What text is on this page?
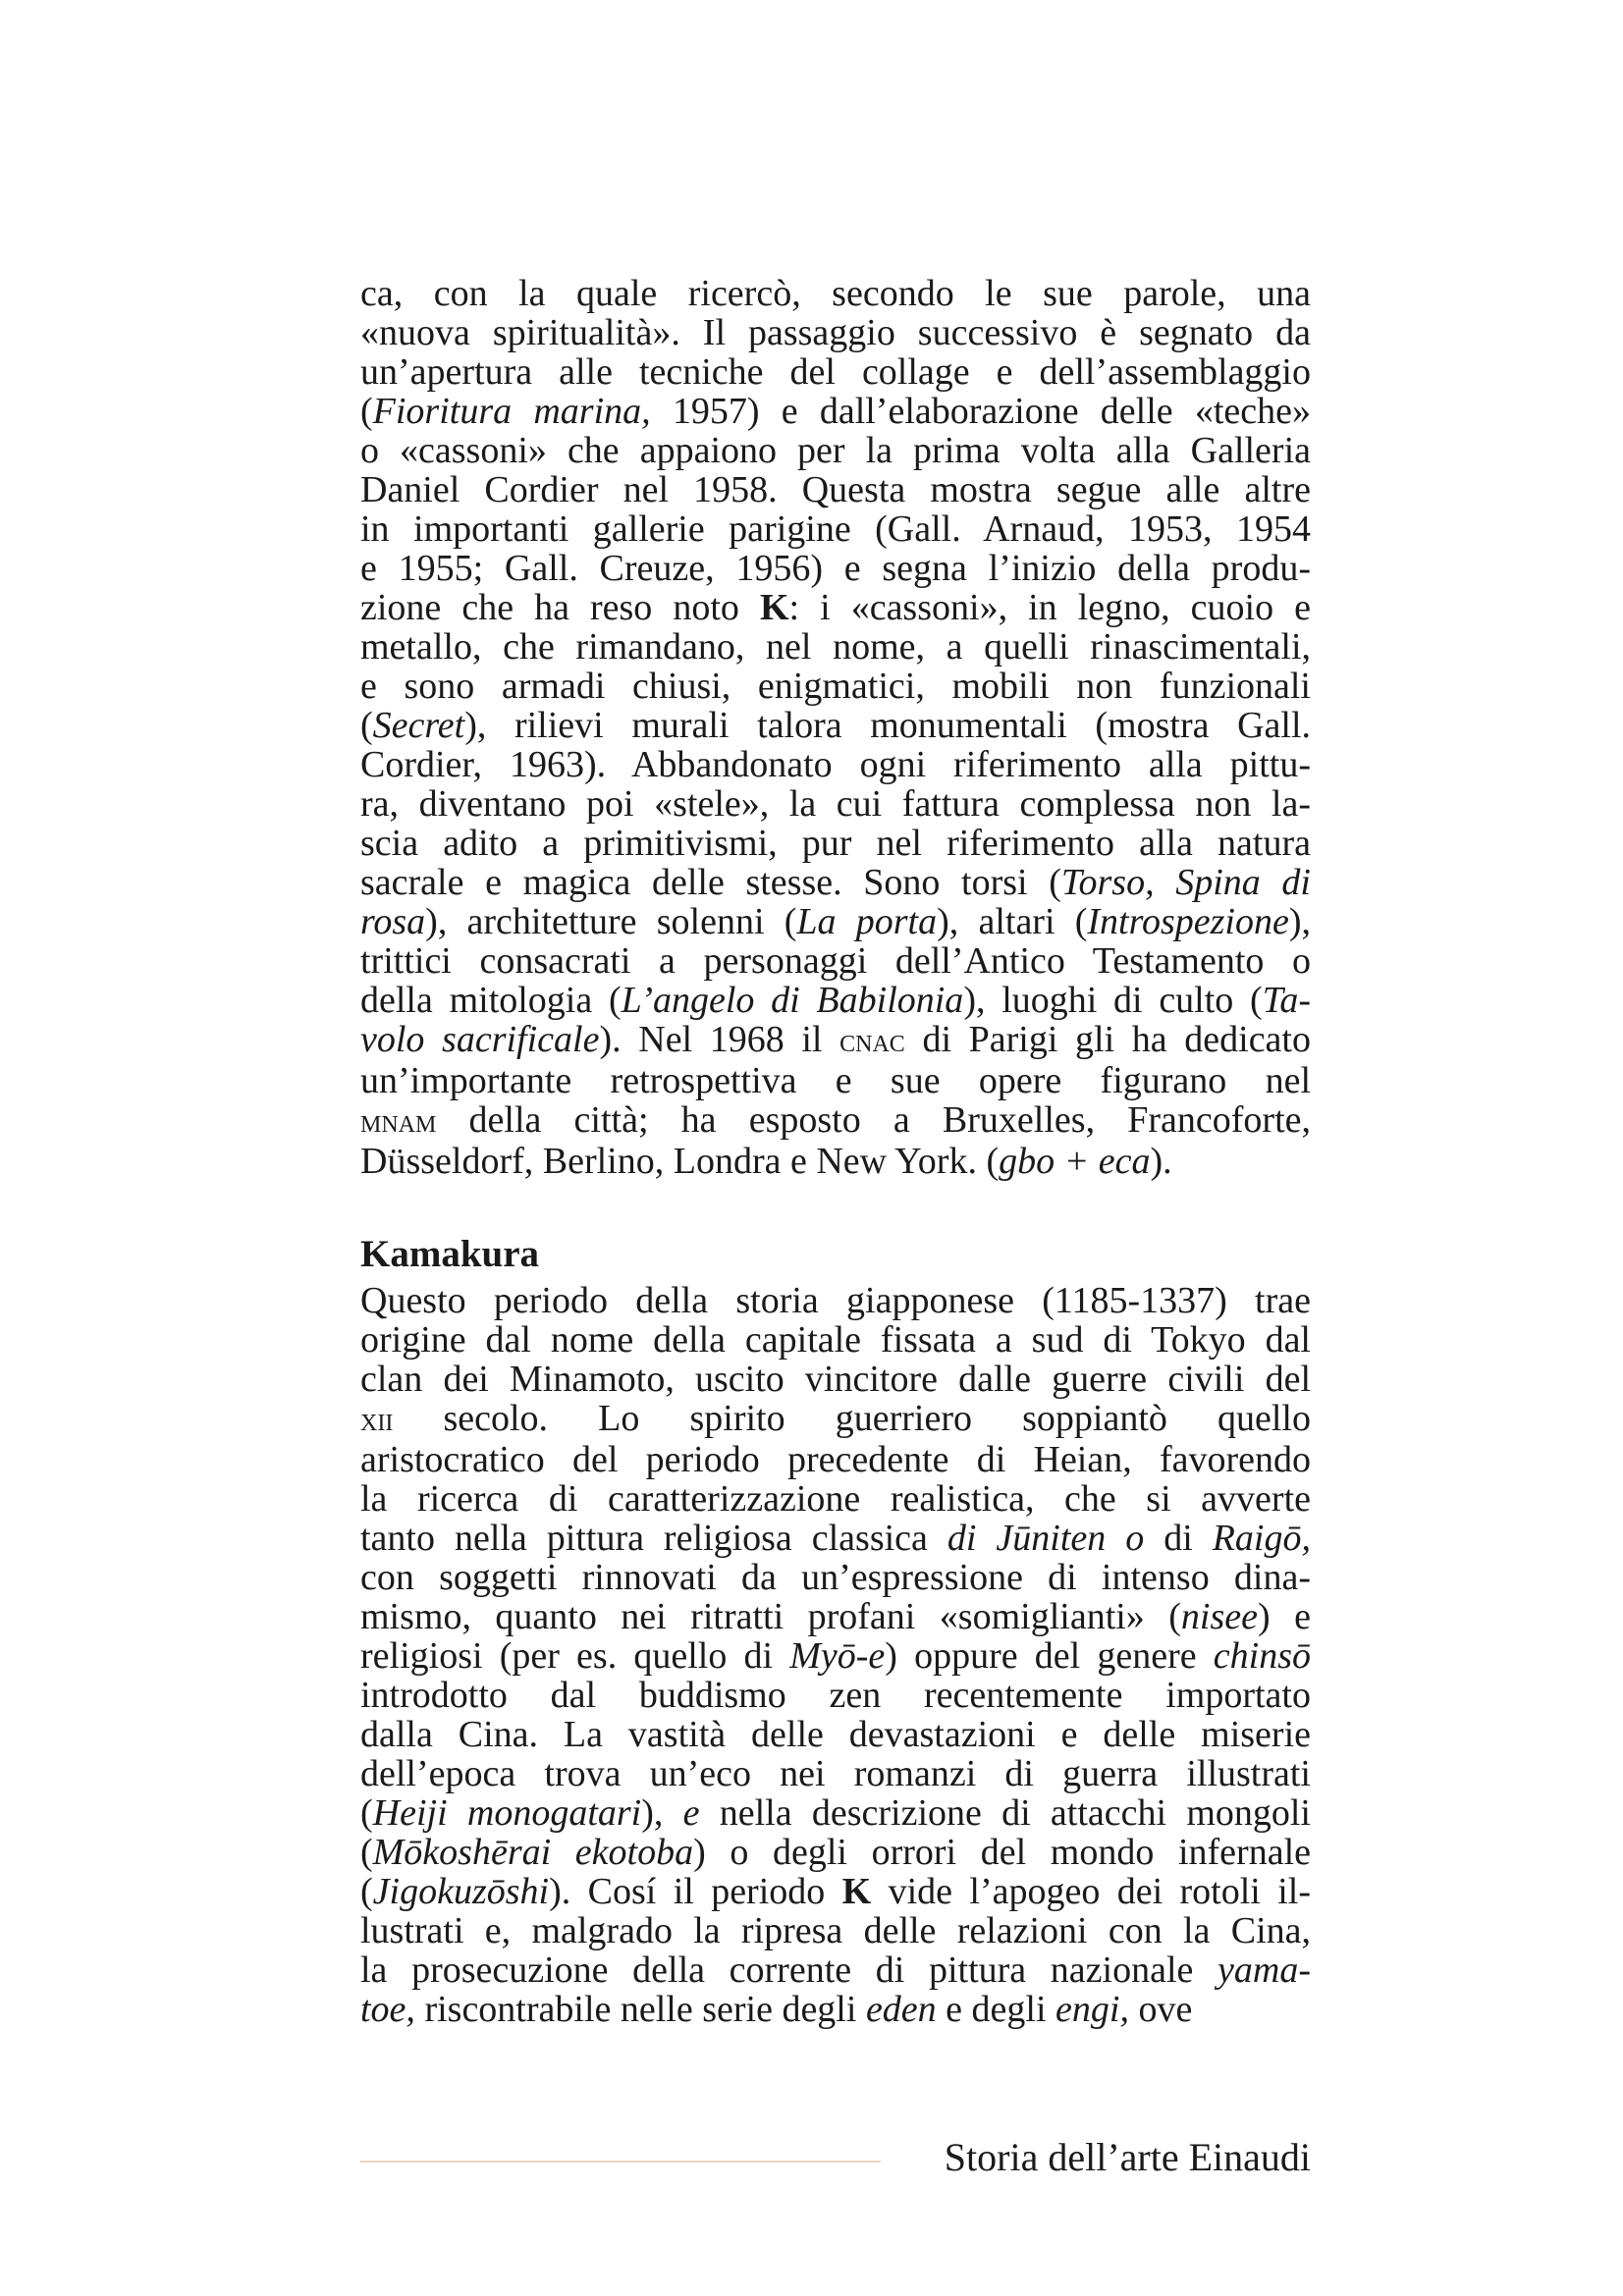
ca, con la quale ricercò, secondo le sue parole, una
«nuova spiritualità». Il passaggio successivo è segnato da
un’apertura alle tecniche del collage e dell’assemblaggio
(Fioritura marina, 1957) e dall’elaborazione delle «teche»
o «cassoni» che appaiono per la prima volta alla Galleria
Daniel Cordier nel 1958. Questa mostra segue alle altre
in importanti gallerie parigine (Gall. Arnaud, 1953, 1954
e 1955; Gall. Creuze, 1956) e segna l’inizio della produ-
zione che ha reso noto K: i «cassoni», in legno, cuoio e
metallo, che rimandano, nel nome, a quelli rinascimentali,
e sono armadi chiusi, enigmatici, mobili non funzionali
(Secret), rilievi murali talora monumentali (mostra Gall.
Cordier, 1963). Abbandonato ogni riferimento alla pittu-
ra, diventano poi «stele», la cui fattura complessa non la-
scia adito a primitivismi, pur nel riferimento alla natura
sacrale e magica delle stesse. Sono torsi (Torso, Spina di
rosa), architetture solenni (La porta), altari (Introspezione),
trittici consacrati a personaggi dell’Antico Testamento o
della mitologia (L’angelo di Babilonia), luoghi di culto (Ta-
volo sacrificale). Nel 1968 il cnac di Parigi gli ha dedicato
un’importante retrospettiva e sue opere figurano nel
mnam della città; ha esposto a Bruxelles, Francoforte,
Düsseldorf, Berlino, Londra e New York. (gbo + eca).
Kamakura
Questo periodo della storia giapponese (1185-1337) trae
origine dal nome della capitale fissata a sud di Tokyo dal
clan dei Minamoto, uscito vincitore dalle guerre civili del
xii secolo. Lo spirito guerriero soppiantò quello
aristocratico del periodo precedente di Heian, favorendo
la ricerca di caratterizzazione realistica, che si avverte
tanto nella pittura religiosa classica di Jūniten o di Raigō,
con soggetti rinnovati da un’espressione di intenso dina-
mismo, quanto nei ritratti profani «somiglianti» (nisee) e
religiosi (per es. quello di Myō-e) oppure del genere chinsō
introdotto dal buddismo zen recentemente importato
dalla Cina. La vastità delle devastazioni e delle miserie
dell’epoca trova un’eco nei romanzi di guerra illustrati
(Heiji monogatari), e nella descrizione di attacchi mongoli
(Mōkoshērai ekotoba) o degli orrori del mondo infernale
(Jigokuzōshi). Cosí il periodo K vide l’apogeo dei rotoli il-
lustrati e, malgrado la ripresa delle relazioni con la Cina,
la prosecuzione della corrente di pittura nazionale yama-
toe, riscontrabile nelle serie degli eden e degli engi, ove
Storia dell’arte Einaudi
